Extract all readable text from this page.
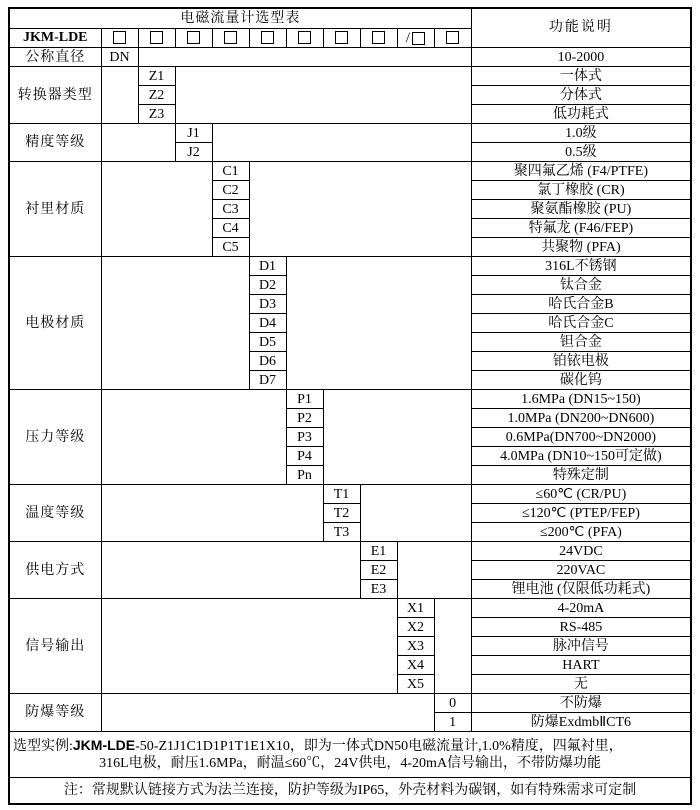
电磁流量计选型表											功能说明
JKM-LDE									/		
公称直径	DN										10-2000
转换器类型		Z1									一体式
		Z2									分体式
		Z3									低功耗式
精度等级			J1								1.0级
			J2								0.5级
衬里材质				C1							聚四氟乙烯 (F4/PTFE)
				C2							氯丁橡胶 (CR)
				C3							聚氨酯橡胶 (PU)
				C4							特氟龙 (F46/FEP)
				C5							共聚物 (PFA)
电极材质					D1						316L不锈钢
					D2						钛合金
					D3						哈氏合金B
					D4						哈氏合金C
					D5						钽合金
					D6						铂铱电极
					D7						碳化钨
压力等级						P1					1.6MPa (DN15~150)
						P2					1.0MPa (DN200~DN600)
						P3					0.6MPa(DN700~DN2000)
						P4					4.0MPa (DN10~150可定做)
						Pn					特殊定制
温度等级							T1				≤60℃ (CR/PU)
							T2				≤120℃ (PTEP/FEP)
							T3				≤200℃ (PFA)
供电方式								E1			24VDC
								E2			220VAC
								E3			锂电池 (仅限低功耗式)
信号输出									X1		4-20mA
									X2		RS-485
									X3		脉冲信号
									X4		HART
									X5		无
防爆等级										0	不防爆
										1	防爆ExdmbⅡCT6

选型实例:JKM-LDE-50-Z1J1C1D1P1T1E1X10，即为一体式DN50电磁流量计,1.0%精度，四氟衬里，
316L电极，耐压1.6MPa，耐温≤60℃，24V供电，4-20mA信号输出，不带防爆功能											

注：常规默认链接方式为法兰连接，防护等级为IP65，外壳材料为碳钢，如有特殊需求可定制											
